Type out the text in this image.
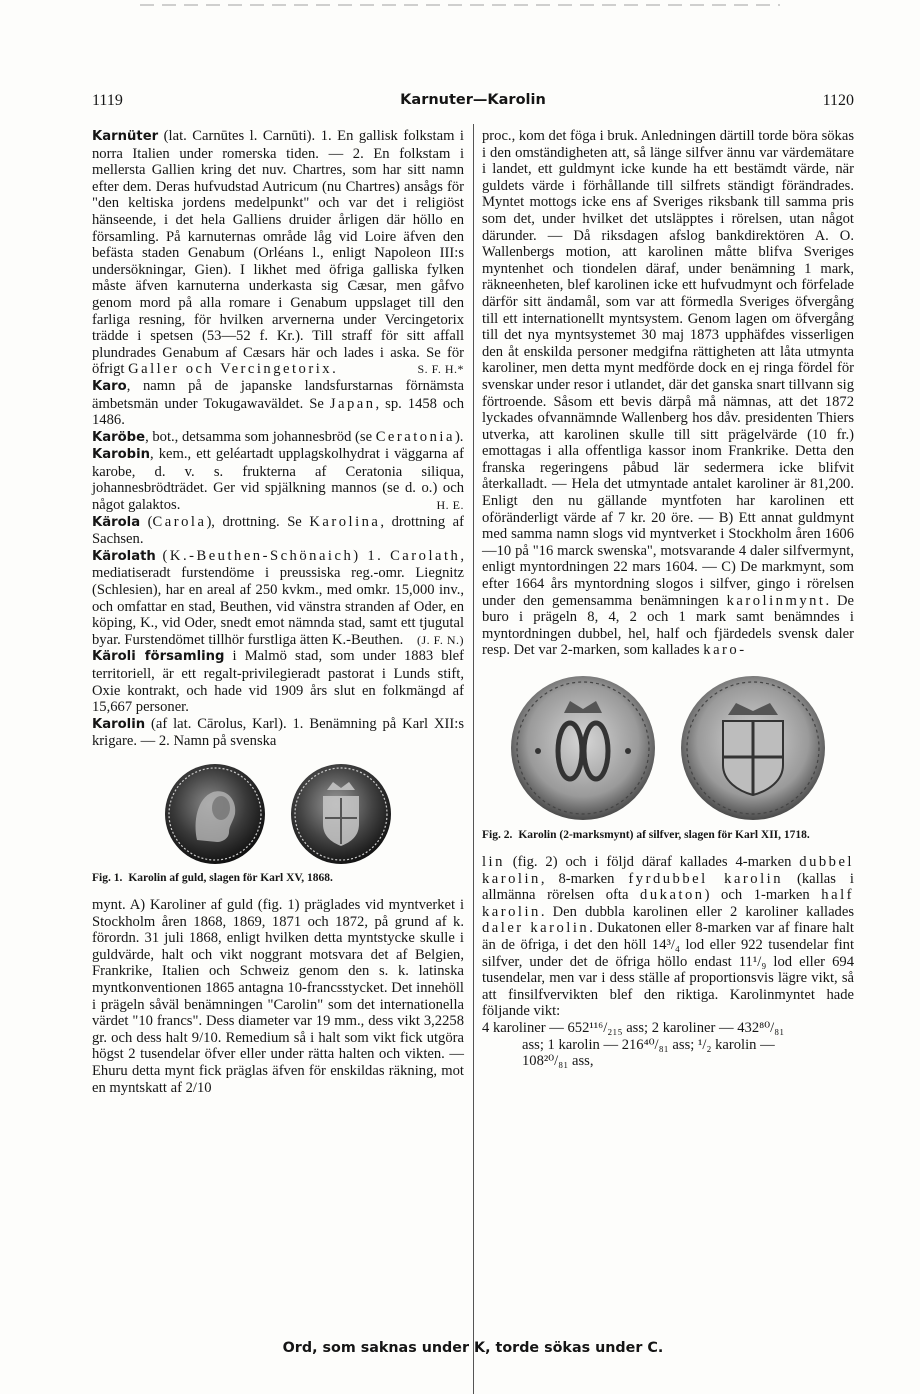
1119	Karnuter—Karolin	1120

Karnüter (lat. Carnūtes l. Carnūti). 1. En gallisk folkstam i norra Italien under romerska tiden. — 2. En folkstam i mellersta Gallien kring det nuv. Chartres, som har sitt namn efter dem. Deras hufvudstad Autricum (nu Chartres) ansågs för "den keltiska jordens medelpunkt" och var det i religiöst hänseende, i det hela Galliens druider årligen där höllo en församling. På karnuternas område låg vid Loire äfven den befästa staden Genabum (Orléans l., enligt Napoleon III:s undersökningar, Gien). I likhet med öfriga galliska fylken måste äfven karnuterna underkasta sig Cæsar, men gåfvo genom mord på alla romare i Genabum uppslaget till den farliga resning, för hvilken arvernerna under Vercingetorix trädde i spetsen (53—52 f. Kr.). Till straff för sitt affall plundrades Genabum af Cæsars här och lades i aska. Se för öfrigt Galler och Vercingetorix.	S. F. H.*

Karo, namn på de japanske landsfurstarnas förnämsta ämbetsmän under Tokugawaväldet. Se Japan, sp. 1458 och 1486.

Karöbe, bot., detsamma som johannesbröd (se Ceratonia).

Karobin, kem., ett geléartadt upplagskolhydrat i väggarna af karobe, d. v. s. frukterna af Ceratonia siliqua, johannesbrödträdet. Ger vid spjälkning mannos (se d. o.) och något galaktos.	H. E.

Kärola (Carola), drottning. Se Karolina, drottning af Sachsen.

Kärolath (K.-Beuthen-Schönaich) 1. Carolath, mediatiseradt furstendöme i preussiska reg.-omr. Liegnitz (Schlesien), har en areal af 250 kvkm., med omkr. 15,000 inv., och omfattar en stad, Beuthen, vid vänstra stranden af Oder, en köping, K., vid Oder, snedt emot nämnda stad, samt ett tjugutal byar. Furstendömet tillhör furstliga ätten K.-Beuthen. (J. F. N.)

Käroli församling i Malmö stad, som under 1883 blef territoriell, är ett regalt-privilegieradt pastorat i Lunds stift, Oxie kontrakt, och hade vid 1909 års slut en folkmängd af 15,667 personer.

Karolin (af lat. Cārolus, Karl). 1. Benämning på Karl XII:s krigare. — 2. Namn på svenska

Fig. 1. Karolin af guld, slagen för Karl XV, 1868.

mynt. A) Karoliner af guld (fig. 1) präglades vid myntverket i Stockholm åren 1868, 1869, 1871 och 1872, på grund af k. förordn. 31 juli 1868, enligt hvilken detta myntstycke skulle i guldvärde, halt och vikt noggrant motsvara det af Belgien, Frankrike, Italien och Schweiz genom den s. k. latinska myntkonventionen 1865 antagna 10-francsstycket. Det innehöll i prägeln såväl benämningen "Carolin" som det internationella värdet "10 francs". Dess diameter var 19 mm., dess vikt 3,2258 gr. och dess halt 9/10. Remedium så i halt som vikt fick utgöra högst 2 tusendelar öfver eller under rätta halten och vikten. — Ehuru detta mynt fick präglas äfven för enskildas räkning, mot en myntskatt af 2/10

proc., kom det föga i bruk. Anledningen därtill torde böra sökas i den omständigheten att, så länge silfver ännu var värdemätare i landet, ett guldmynt icke kunde ha ett bestämdt värde, när guldets värde i förhållande till silfrets ständigt förändrades. Myntet mottogs icke ens af Sveriges riksbank till samma pris som det, under hvilket det utsläpptes i rörelsen, utan något därunder. — Då riksdagen afslog bankdirektören A. O. Wallenbergs motion, att karolinen måtte blifva Sveriges myntenhet och tiondelen däraf, under benämning 1 mark, räkneenheten, blef karolinen icke ett hufvudmynt och förfelade därför sitt ändamål, som var att förmedla Sveriges öfvergång till ett internationellt myntsystem. Genom lagen om öfvergång till det nya myntsystemet 30 maj 1873 upphäfdes visserligen den åt enskilda personer medgifna rättigheten att låta utmynta karoliner, men detta mynt medförde dock en ej ringa fördel för svenskar under resor i utlandet, där det ganska snart tillvann sig förtroende. Såsom ett bevis därpå må nämnas, att det 1872 lyckades ofvannämnde Wallenberg hos dåv. presidenten Thiers utverka, att karolinen skulle till sitt prägelvärde (10 fr.) emottagas i alla offentliga kassor inom Frankrike. Detta den franska regeringens påbud lär sedermera icke blifvit återkalladt. — Hela det utmyntade antalet karoliner är 81,200. Enligt den nu gällande myntfoten har karolinen ett oföränderligt värde af 7 kr. 20 öre. — B) Ett annat guldmynt med samma namn slogs vid myntverket i Stockholm åren 1606—10 på "16 marck swenska", motsvarande 4 daler silfvermynt, enligt myntordningen 22 mars 1604. — C) De markmynt, som efter 1664 års myntordning slogos i silfver, gingo i rörelsen under den gemensamma benämningen karolinmynt. De buro i prägeln 8, 4, 2 och 1 mark samt benämndes i myntordningen dubbel, hel, half och fjärdedels svensk daler resp. Det var 2-marken, som kallades karo-

Fig. 2. Karolin (2-marksmynt) af silfver, slagen för Karl XII, 1718.

lin (fig. 2) och i följd däraf kallades 4-marken dubbel karolin, 8-marken fyrdubbel karolin (kallas i allmänna rörelsen ofta dukaton) och 1-marken half karolin. Den dubbla karolinen eller 2 karoliner kallades daler karolin. Dukatonen eller 8-marken var af finare halt än de öfriga, i det den höll 14³/₄ lod eller 922 tusendelar fint silfver, under det de öfriga höllo endast 11¹/₉ lod eller 694 tusendelar, men var i dess ställe af proportionsvis lägre vikt, så att finsilfvervikten blef den riktiga. Karolinmyntet hade följande vikt:

4 karoliner — 652¹¹⁶/₂₁₅ ass; 2 karoliner — 432⁸⁰/₈₁

ass; 1 karolin — 216⁴⁰/₈₁ ass; ¹/₂ karolin —

108²⁰/₈₁ ass,

Ord, som saknas under K, torde sökas under C.
